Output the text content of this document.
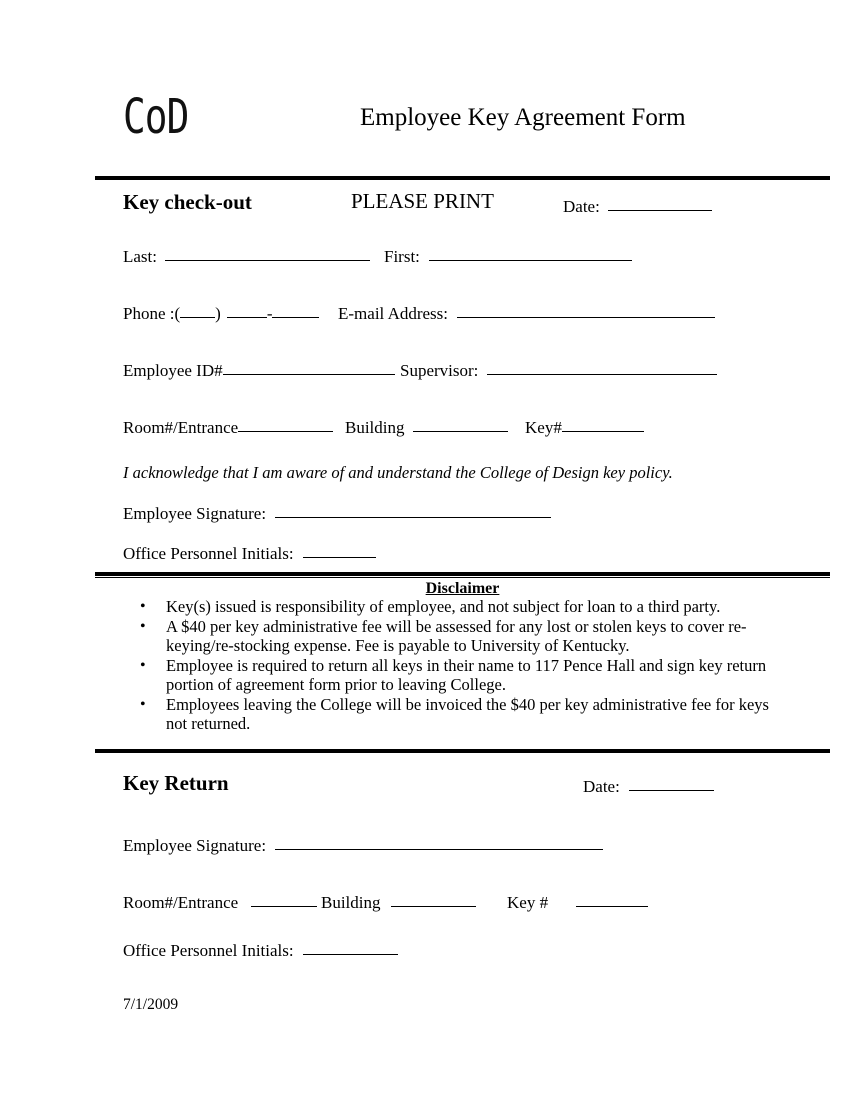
CoD	Employee Key Agreement Form
Key check-out	PLEASE PRINT	Date:
Last:	First:
Phone :( )	-	E-mail Address:
Employee ID#	Supervisor:
Room#/Entrance	Building	Key#
I acknowledge that I am aware of and understand the College of Design key policy.
Employee Signature:
Office Personnel Initials:
Disclaimer
• Key(s) issued is responsibility of employee, and not subject for loan to a third party.
• A $40 per key administrative fee will be assessed for any lost or stolen keys to cover re-keying/re-stocking expense. Fee is payable to University of Kentucky.
• Employee is required to return all keys in their name to 117 Pence Hall and sign key return portion of agreement form prior to leaving College.
• Employees leaving the College will be invoiced the $40 per key administrative fee for keys not returned.
Key Return	Date:
Employee Signature:
Room#/Entrance	Building	Key #
Office Personnel Initials:
7/1/2009
